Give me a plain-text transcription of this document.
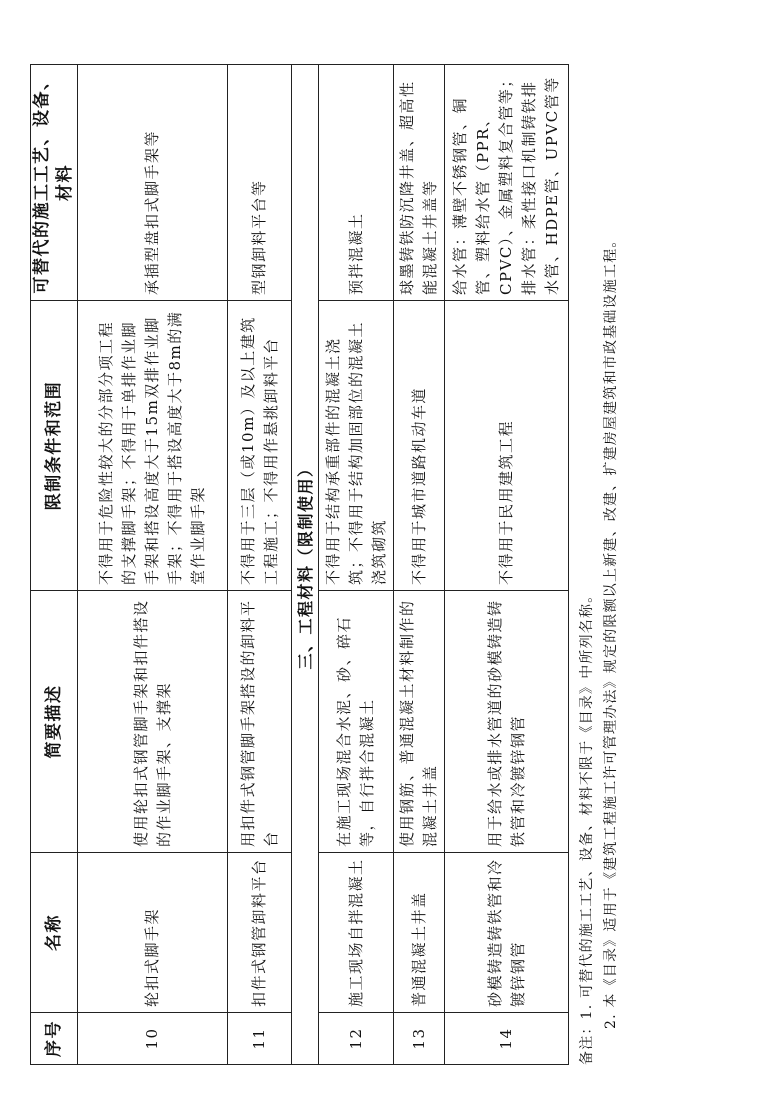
序号	名称	简要描述	限制条件和范围	可替代的施工工艺、设备、材料
10	轮扣式脚手架	使用轮扣式钢管脚手架和扣件搭设的作业脚手架、支撑架	不得用于危险性较大的分部分项工程的支撑脚手架；不得用于单排作业脚手架和搭设高度大于15m双排作业脚手架；不得用于搭设高度大于8m的满堂作业脚手架	承插型盘扣式脚手架等
11	扣件式钢管卸料平台	用扣件式钢管脚手架搭设的卸料平台	不得用于三层（或10m）及以上建筑工程施工；不得用作悬挑卸料平台	型钢卸料平台等
三、工程材料（限制使用）				
12	施工现场自拌混凝土	在施工现场混合水泥、砂、碎石等，自行拌合混凝土	不得用于结构承重部件的混凝土浇筑；不得用于结构加固部位的混凝土浇筑砌筑	预拌混凝土
13	普通混凝土井盖	使用钢筋、普通混凝土材料制作的混凝土井盖	不得用于城市道路机动车道	球墨铸铁防沉降井盖、超高性能混凝土井盖等
14	砂模铸造铸铁管和冷镀锌钢管	用于给水或排水管道的砂模铸造铸铁管和冷镀锌钢管	不得用于民用建筑工程	给水管：薄壁不锈钢管、铜管、塑料给水管（PPR、CPVC）、金属塑料复合管等；排水管：柔性接口机制铸铁排水管、HDPE管、UPVC管等
备注：1. 可替代的施工工艺、设备、材料不限于《目录》中所列名称。 2. 本《目录》适用于《建筑工程施工许可管理办法》规定的限额以上新建、改建、扩建房屋建筑和市政基础设施工程。
